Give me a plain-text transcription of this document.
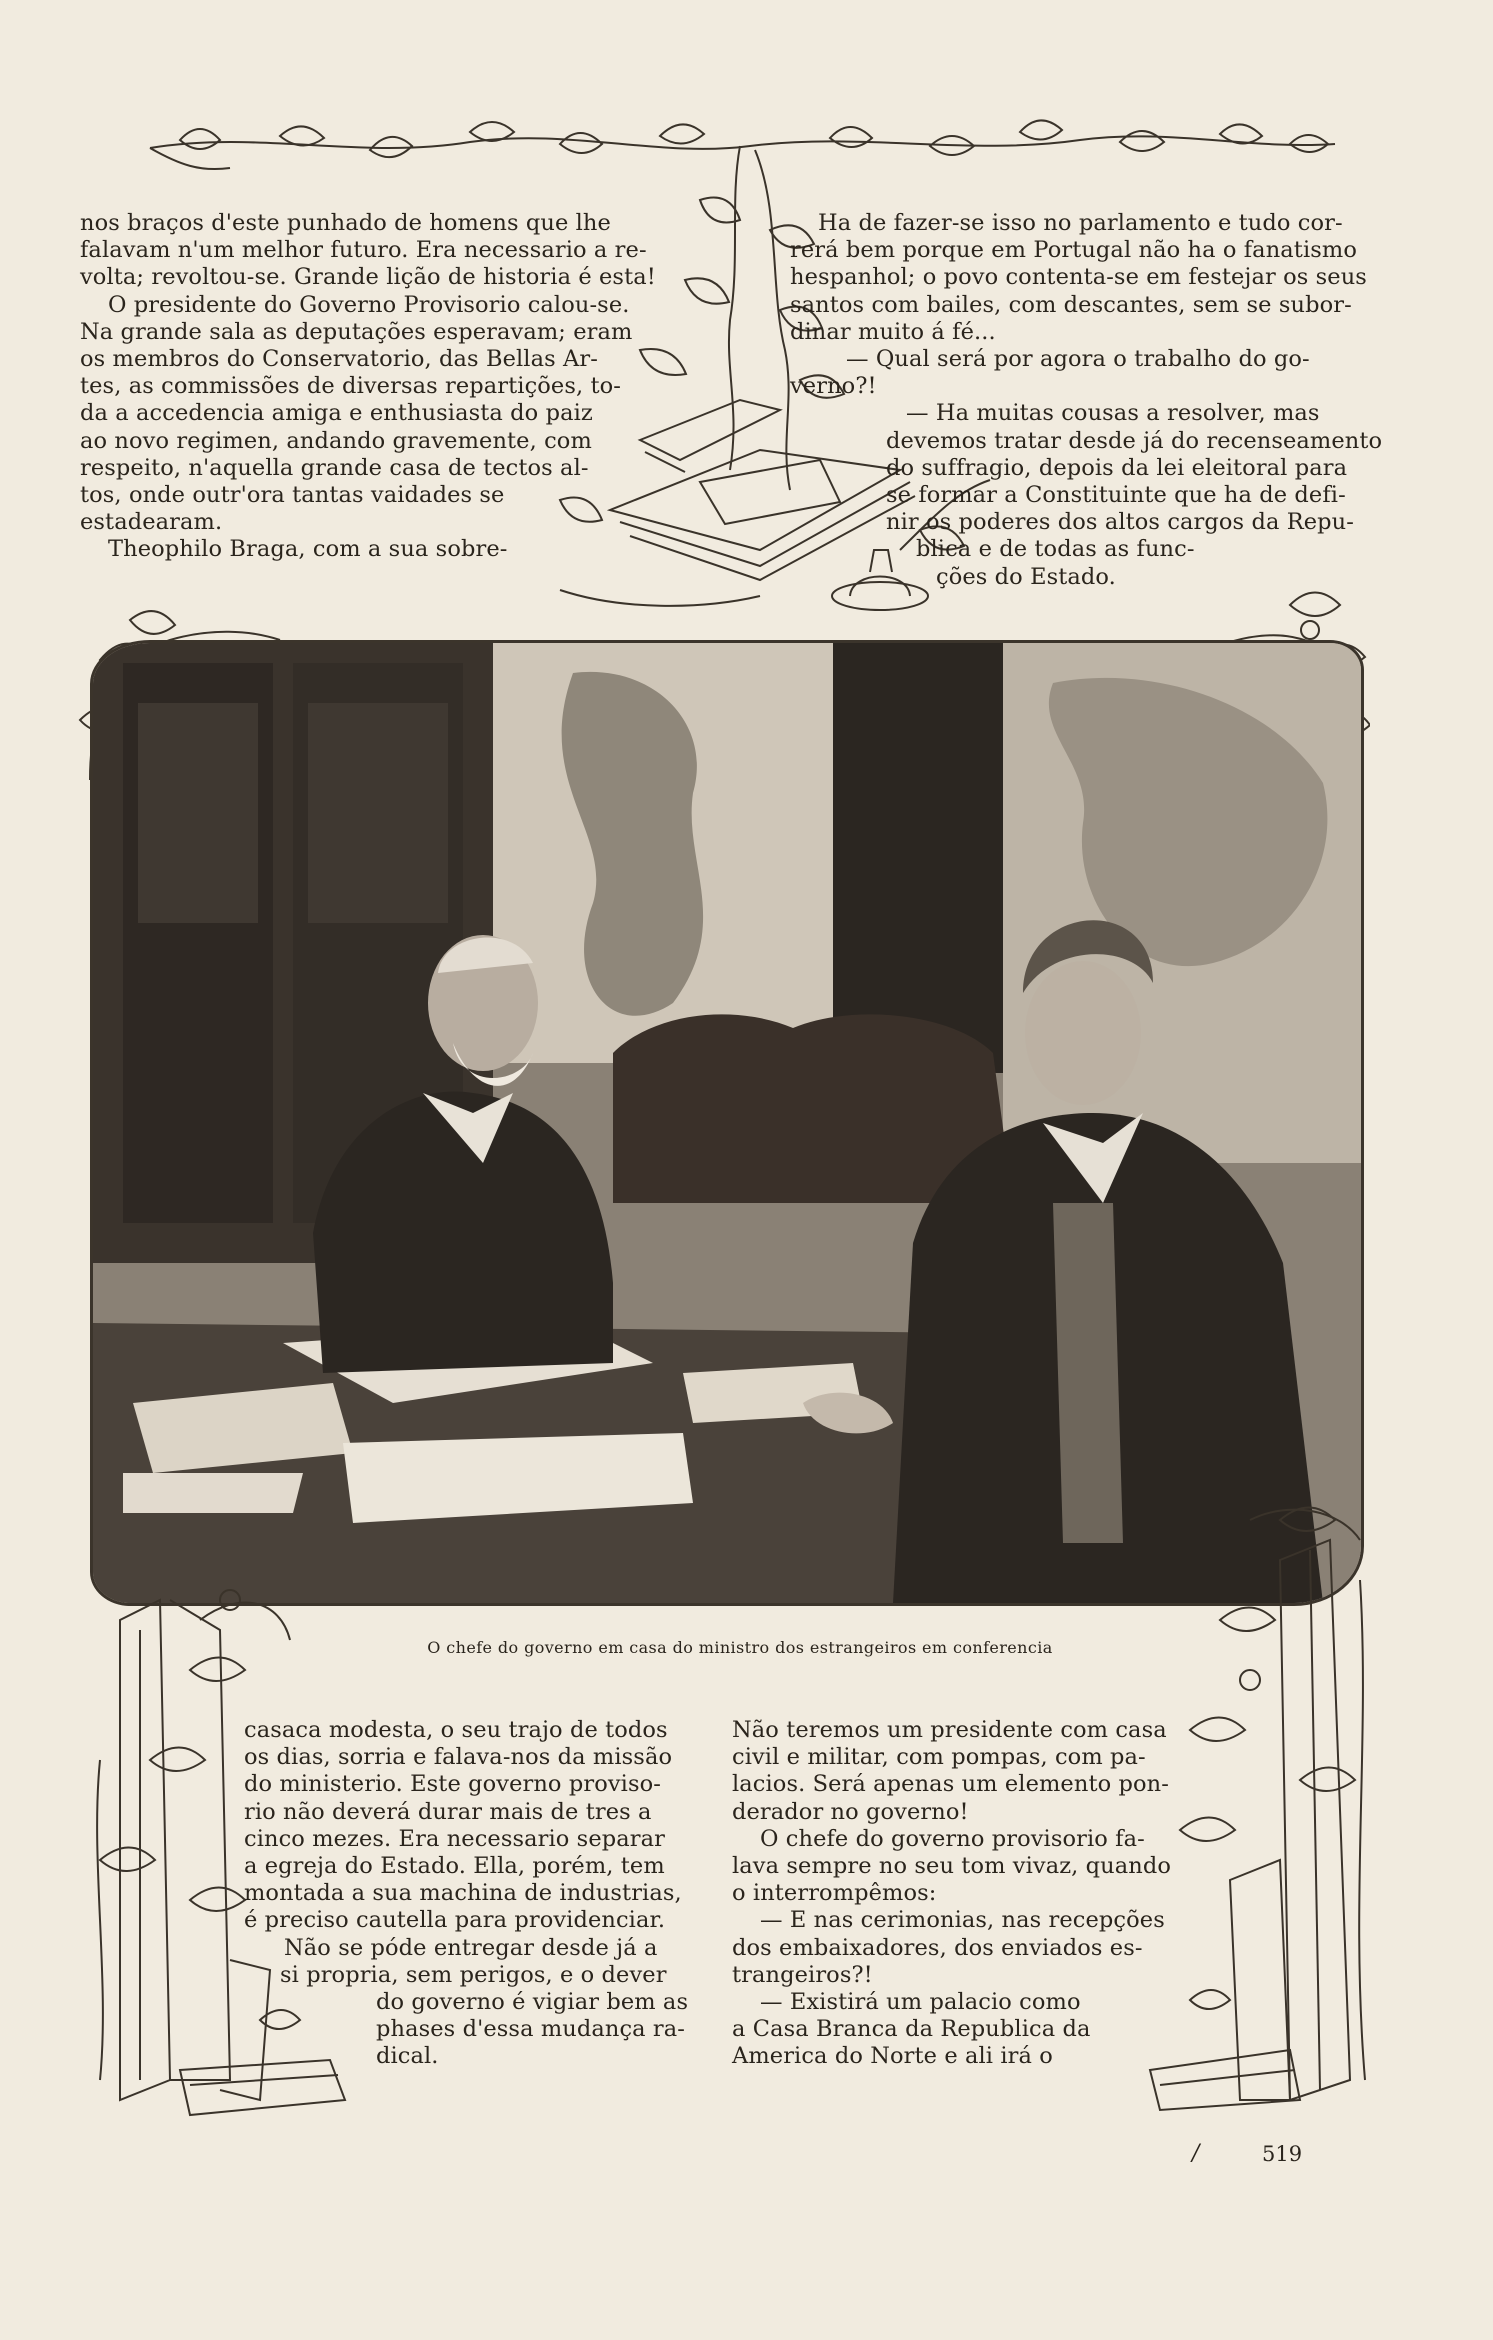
nos braços d'este punhado de homens que lhe
falavam n'um melhor futuro. Era necessario a re-
volta; revoltou-se. Grande lição de historia é esta!
O presidente do Governo Provisorio calou-se.
Na grande sala as deputações esperavam; eram
os membros do Conservatorio, das Bellas Ar-
tes, as commissões de diversas repartições, to-
da a accedencia amiga e enthusiasta do paiz
ao novo regimen, andando gravemente, com
respeito, n'aquella grande casa de tectos al-
tos, onde outr'ora tantas vaidades se
estadearam.
Theophilo Braga, com a sua sobre-
Ha de fazer-se isso no parlamento e tudo cor-
rerá bem porque em Portugal não ha o fanatismo
hespanhol; o povo contenta-se em festejar os seus
santos com bailes, com descantes, sem se subor-
dinar muito á fé...
— Qual será por agora o trabalho do go-
verno?!
— Ha muitas cousas a resolver, mas
devemos tratar desde já do recenseamento
do suffragio, depois da lei eleitoral para
se formar a Constituinte que ha de defi-
nir os poderes dos altos cargos da Repu-
blica e de todas as func-
ções do Estado.
O chefe do governo em casa do ministro dos estrangeiros em conferencia
casaca modesta, o seu trajo de todos
os dias, sorria e falava-nos da missão
do ministerio. Este governo proviso-
rio não deverá durar mais de tres a
cinco mezes. Era necessario separar
a egreja do Estado. Ella, porém, tem
montada a sua machina de industrias,
é preciso cautella para providenciar.
Não se póde entregar desde já a
si propria, sem perigos, e o dever
do governo é vigiar bem as
phases d'essa mudança ra-
dical.
Não teremos um presidente com casa
civil e militar, com pompas, com pa-
lacios. Será apenas um elemento pon-
derador no governo!
O chefe do governo provisorio fa-
lava sempre no seu tom vivaz, quando
o interrompêmos:
— E nas cerimonias, nas recepções
dos embaixadores, dos enviados es-
trangeiros?!
— Existirá um palacio como
a Casa Branca da Republica da
America do Norte e ali irá o
/	519
